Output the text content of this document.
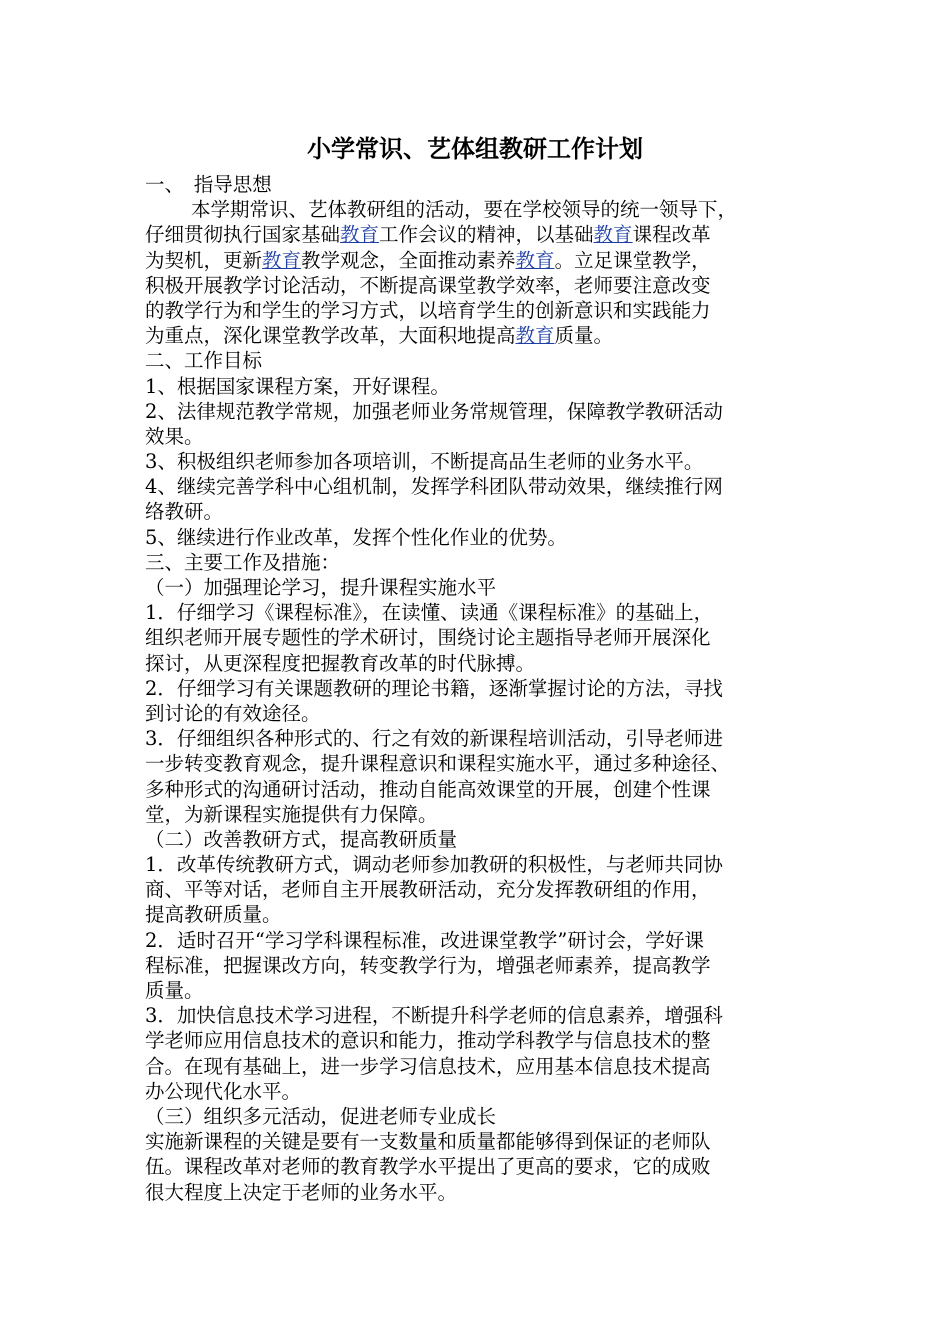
小学常识、艺体组教研工作计划
一、　指导思想
本学期常识、艺体教研组的活动，要在学校领导的统一领导下，
仔细贯彻执行国家基础教育工作会议的精神，以基础教育课程改革
为契机，更新教育教学观念，全面推动素养教育。立足课堂教学，
积极开展教学讨论活动，不断提高课堂教学效率，老师要注意改变
的教学行为和学生的学习方式，以培育学生的创新意识和实践能力
为重点，深化课堂教学改革，大面积地提高教育质量。
二、工作目标
1、根据国家课程方案，开好课程。
2、法律规范教学常规，加强老师业务常规管理，保障教学教研活动
效果。
3、积极组织老师参加各项培训，不断提高品生老师的业务水平。
4、继续完善学科中心组机制，发挥学科团队带动效果，继续推行网
络教研。
5、继续进行作业改革，发挥个性化作业的优势。
三、主要工作及措施：
（一）加强理论学习，提升课程实施水平
1．仔细学习《课程标准》，在读懂、读通《课程标准》的基础上，
组织老师开展专题性的学术研讨，围绕讨论主题指导老师开展深化
探讨，从更深程度把握教育改革的时代脉搏。
2．仔细学习有关课题教研的理论书籍，逐渐掌握讨论的方法，寻找
到讨论的有效途径。
3．仔细组织各种形式的、行之有效的新课程培训活动，引导老师进
一步转变教育观念，提升课程意识和课程实施水平，通过多种途径、
多种形式的沟通研讨活动，推动自能高效课堂的开展，创建个性课
堂，为新课程实施提供有力保障。
（二）改善教研方式，提高教研质量
1．改革传统教研方式，调动老师参加教研的积极性，与老师共同协
商、平等对话，老师自主开展教研活动，充分发挥教研组的作用，
提高教研质量。
2．适时召开“学习学科课程标准，改进课堂教学”研讨会，学好课
程标准，把握课改方向，转变教学行为，增强老师素养，提高教学
质量。
3．加快信息技术学习进程，不断提升科学老师的信息素养，增强科
学老师应用信息技术的意识和能力，推动学科教学与信息技术的整
合。在现有基础上，进一步学习信息技术，应用基本信息技术提高
办公现代化水平。
（三）组织多元活动，促进老师专业成长
实施新课程的关键是要有一支数量和质量都能够得到保证的老师队
伍。课程改革对老师的教育教学水平提出了更高的要求，它的成败
很大程度上决定于老师的业务水平。
